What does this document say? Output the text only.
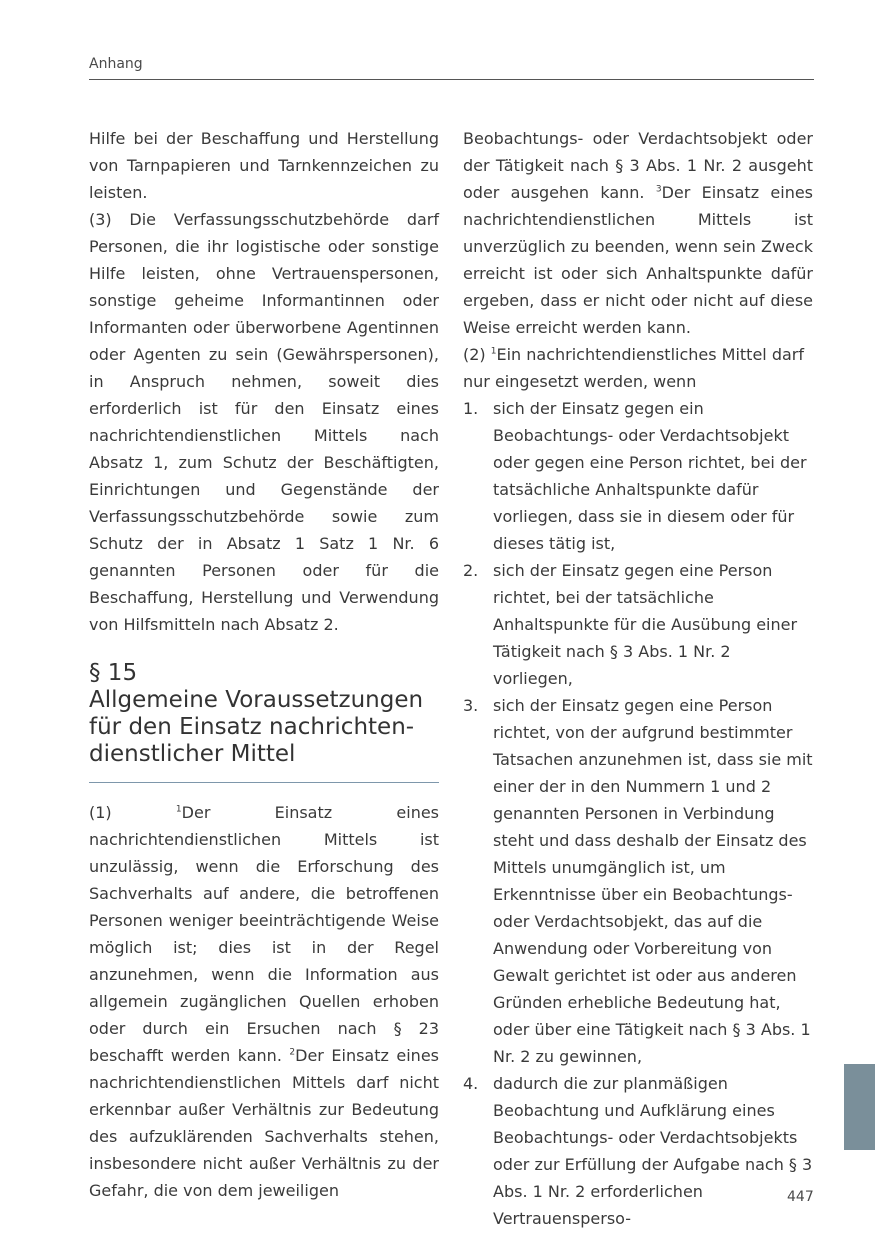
Anhang

Hilfe bei der Beschaffung und Herstellung von Tarnpapieren und Tarnkennzeichen zu leisten.

(3) Die Verfassungsschutzbehörde darf Personen, die ihr logistische oder sonstige Hilfe leisten, ohne Vertrauenspersonen, sonstige geheime Informantinnen oder Informanten oder überworbene Agentinnen oder Agenten zu sein (Gewährspersonen), in Anspruch nehmen, soweit dies erforderlich ist für den Einsatz eines nachrichtendienstlichen Mittels nach Absatz 1, zum Schutz der Beschäftigten, Einrichtungen und Gegenstände der Verfassungsschutzbehörde sowie zum Schutz der in Absatz 1 Satz 1 Nr. 6 genannten Personen oder für die Beschaffung, Herstellung und Verwendung von Hilfsmitteln nach Absatz 2.

§ 15
Allgemeine Voraussetzungen
für den Einsatz nachrichten-
dienstlicher Mittel

(1) $^1$Der Einsatz eines nachrichtendienstlichen Mittels ist unzulässig, wenn die Erforschung des Sachverhalts auf andere, die betroffenen Personen weniger beeinträchtigende Weise möglich ist; dies ist in der Regel anzunehmen, wenn die Information aus allgemein zugänglichen Quellen erhoben oder durch ein Ersuchen nach § 23 beschafft werden kann. $^2$Der Einsatz eines nachrichtendienstlichen Mittels darf nicht erkennbar außer Verhältnis zur Bedeutung des aufzuklärenden Sachverhalts stehen, insbesondere nicht außer Verhältnis zu der Gefahr, die von dem jeweiligen

Beobachtungs- oder Verdachtsobjekt oder der Tätigkeit nach § 3 Abs. 1 Nr. 2 ausgeht oder ausgehen kann. $^3$Der Einsatz eines nachrichtendienstlichen Mittels ist unverzüglich zu beenden, wenn sein Zweck erreicht ist oder sich Anhaltspunkte dafür ergeben, dass er nicht oder nicht auf diese Weise erreicht werden kann.

(2) $^1$Ein nachrichtendienstliches Mittel darf nur eingesetzt werden, wenn

1. sich der Einsatz gegen ein Beobachtungs- oder Verdachtsobjekt oder gegen eine Person richtet, bei der tatsächliche Anhaltspunkte dafür vorliegen, dass sie in diesem oder für dieses tätig ist,
2. sich der Einsatz gegen eine Person richtet, bei der tatsächliche Anhaltspunkte für die Ausübung einer Tätigkeit nach § 3 Abs. 1 Nr. 2 vorliegen,
3. sich der Einsatz gegen eine Person richtet, von der aufgrund bestimmter Tatsachen anzunehmen ist, dass sie mit einer der in den Nummern 1 und 2 genannten Personen in Verbindung steht und dass deshalb der Einsatz des Mittels unumgänglich ist, um Erkenntnisse über ein Beobachtungs- oder Verdachtsobjekt, das auf die Anwendung oder Vorbereitung von Gewalt gerichtet ist oder aus anderen Gründen erhebliche Bedeutung hat, oder über eine Tätigkeit nach § 3 Abs. 1 Nr. 2 zu gewinnen,
4. dadurch die zur planmäßigen Beobachtung und Aufklärung eines Beobachtungs- oder Verdachtsobjekts oder zur Erfüllung der Aufgabe nach § 3 Abs. 1 Nr. 2 erforderlichen Vertrauensperso-
447
